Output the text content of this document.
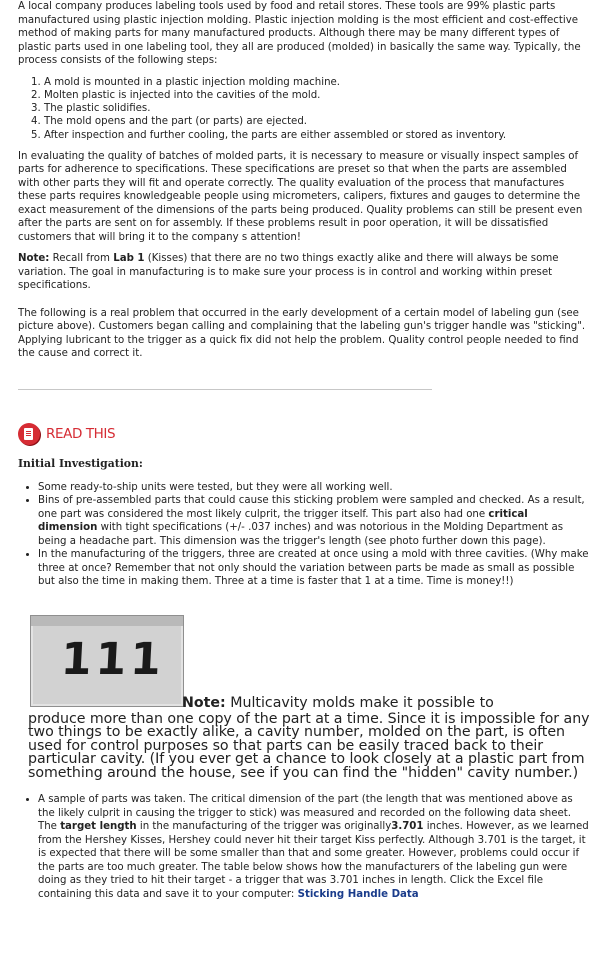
A local company produces labeling tools used by food and retail stores. These tools are 99% plastic parts manufactured using plastic injection molding. Plastic injection molding is the most efficient and cost-effective method of making parts for many manufactured products. Although there may be many different types of plastic parts used in one labeling tool, they all are produced (molded) in basically the same way. Typically, the process consists of the following steps:

1. A mold is mounted in a plastic injection molding machine.
2. Molten plastic is injected into the cavities of the mold.
3. The plastic solidifies.
4. The mold opens and the part (or parts) are ejected.
5. After inspection and further cooling, the parts are either assembled or stored as inventory.

In evaluating the quality of batches of molded parts, it is necessary to measure or visually inspect samples of parts for adherence to specifications. These specifications are preset so that when the parts are assembled with other parts they will fit and operate correctly. The quality evaluation of the process that manufactures these parts requires knowledgeable people using micrometers, calipers, fixtures and gauges to determine the exact measurement of the dimensions of the parts being produced. Quality problems can still be present even after the parts are sent on for assembly. If these problems result in poor operation, it will be dissatisfied customers that will bring it to the company s attention!

Note: Recall from Lab 1 (Kisses) that there are no two things exactly alike and there will always be some variation. The goal in manufacturing is to make sure your process is in control and working within preset specifications.

The following is a real problem that occurred in the early development of a certain model of labeling gun (see picture above). Customers began calling and complaining that the labeling gun's trigger handle was "sticking". Applying lubricant to the trigger as a quick fix did not help the problem. Quality control people needed to find the cause and correct it.

READ THIS
Initial Investigation:
• Some ready-to-ship units were tested, but they were all working well.
• Bins of pre-assembled parts that could cause this sticking problem were sampled and checked. As a result, one part was considered the most likely culprit, the trigger itself. This part also had one critical dimension with tight specifications (+/- .037 inches) and was notorious in the Molding Department as being a headache part. This dimension was the trigger's length (see photo further down this page).
• In the manufacturing of the triggers, three are created at once using a mold with three cavities. (Why make three at once? Remember that not only should the variation between parts be made as small as possible but also the time in making them. Three at a time is faster that 1 at a time. Time is money!!)
111
Note: Multicavity molds make it possible to

produce more than one copy of the part at a time. Since it is impossible for any two things to be exactly alike, a cavity number, molded on the part, is often used for control purposes so that parts can be easily traced back to their particular cavity. (If you ever get a chance to look closely at a plastic part from something around the house, see if you can find the "hidden" cavity number.)

• A sample of parts was taken. The critical dimension of the part (the length that was mentioned above as the likely culprit in causing the trigger to stick) was measured and recorded on the following data sheet. The target length in the manufacturing of the trigger was originally3.701 inches. However, as we learned from the Hershey Kisses, Hershey could never hit their target Kiss perfectly. Although 3.701 is the target, it is expected that there will be some smaller than that and some greater. However, problems could occur if the parts are too much greater. The table below shows how the manufacturers of the labeling gun were doing as they tried to hit their target - a trigger that was 3.701 inches in length. Click the Excel file containing this data and save it to your computer: Sticking Handle Data
